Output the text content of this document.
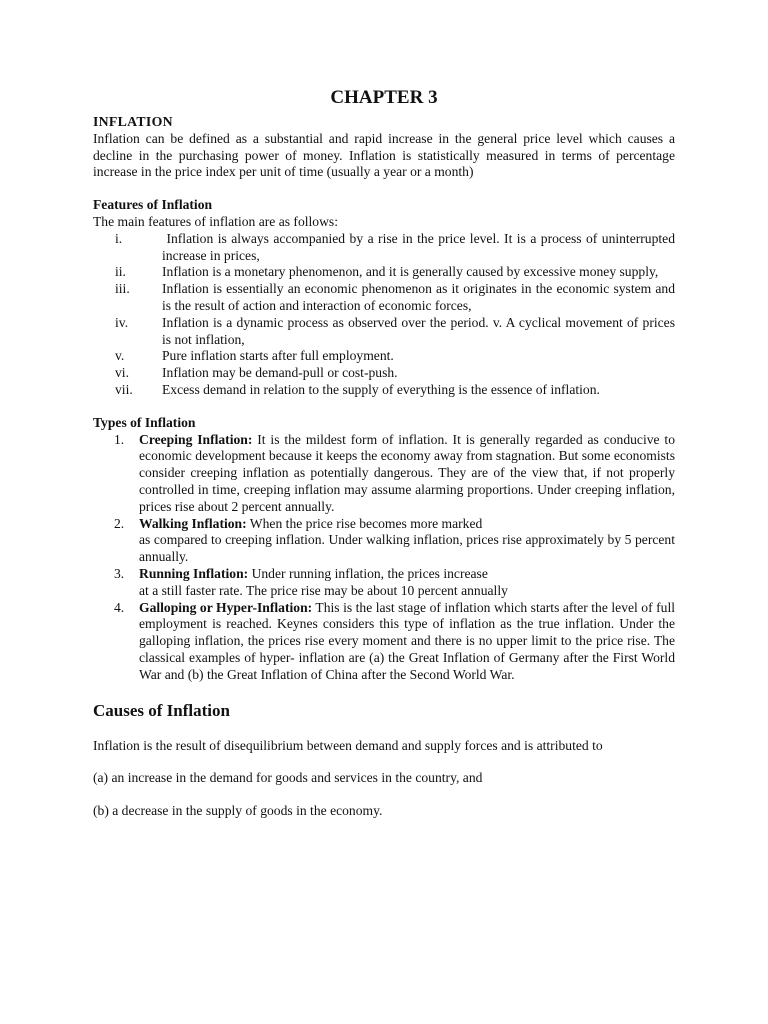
CHAPTER 3
INFLATION

Inflation can be defined as a substantial and rapid increase in the general price level which causes a decline in the purchasing power of money. Inflation is statistically measured in terms of percentage increase in the price index per unit of time (usually a year or a month)

Features of Inflation
The main features of inflation are as follows:
i.	Inflation is always accompanied by a rise in the price level. It is a process of uninterrupted increase in prices,
ii.	Inflation is a monetary phenomenon, and it is generally caused by excessive money supply,
iii.	Inflation is essentially an economic phenomenon as it originates in the economic system and is the result of action and interaction of economic forces,
iv.	Inflation is a dynamic process as observed over the period. v. A cyclical movement of prices is not inflation,
v.	Pure inflation starts after full employment.
vi.	Inflation may be demand-pull or cost-push.
vii.	Excess demand in relation to the supply of everything is the essence of inflation.
Types of Inflation
1.	Creeping Inflation: It is the mildest form of inflation. It is generally regarded as conducive to economic development because it keeps the economy away from stagnation. But some economists consider creeping inflation as potentially dangerous. They are of the view that, if not properly controlled in time, creeping inflation may assume alarming proportions. Under creeping inflation, prices rise about 2 percent annually.
2.	Walking Inflation: When the price rise becomes more marked
as compared to creeping inflation. Under walking inflation, prices rise approximately by 5 percent annually.
3.	Running Inflation: Under running inflation, the prices increase
at a still faster rate. The price rise may be about 10 percent annually
4.	Galloping or Hyper-Inflation: This is the last stage of inflation which starts after the level of full employment is reached. Keynes considers this type of inflation as the true inflation. Under the galloping inflation, the prices rise every moment and there is no upper limit to the price rise. The classical examples of hyper- inflation are (a) the Great Inflation of Germany after the First World War and (b) the Great Inflation of China after the Second World War.
Causes of Inflation

Inflation is the result of disequilibrium between demand and supply forces and is attributed to

(a) an increase in the demand for goods and services in the country, and

(b) a decrease in the supply of goods in the economy.
